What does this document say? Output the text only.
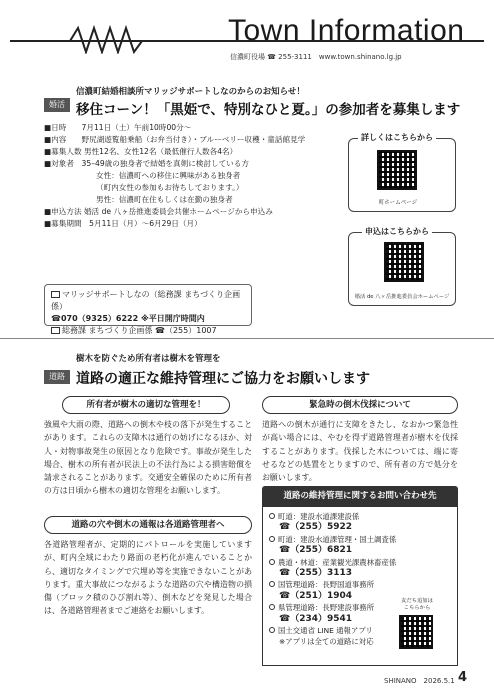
Town Information
信濃町役場 ☎ 255-3111　www.town.shinano.lg.jp
婚活
信濃町結婚相談所マリッジサポートしなのからのお知らせ！
移住コーン！「黒姫で、特別なひと夏。」の参加者を募集します
■日時　　7月11日（土）午前10時00分～
■内容　　野尻湖遊覧船乗船（お弁当付き）・ブルーベリー収穫・童話館見学
■募集人数 男性12名、女性12名（最低催行人数各4名）
■対象者　35–49歳の独身者で結婚を真剣に検討している方
女性：信濃町への移住に興味がある独身者
（町内女性の参加もお待ちしております。）
男性：信濃町在住もしくは在勤の独身者
■申込方法 婚活 de 八ヶ岳推進委員会共催ホームページから申込み
■募集期間　5月11日（月）～6月29日（月）
詳しくはこちらから
町ホームページ
申込はこちらから
婚活 de 八ヶ岳推進委員会ホームページ
マリッジサポートしなの（総務課 まちづくり企画係）
☎070（9325）6222 ※平日開庁時間内
総務課 まちづくり企画係 ☎（255）1007
道路
樹木を防ぐため所有者は樹木を管理を
道路の適正な維持管理にご協力をお願いします
所有者が樹木の適切な管理を！
強風や大雨の際、道路への倒木や枝の落下が発生することがあります。これらの支障木は通行の妨げになるほか、対人・対物事故発生の原因となり危険です。事故が発生した場合、樹木の所有者が民法上の不法行為による損害賠償を請求されることがあります。交通安全確保のために所有者の方は日頃から樹木の適切な管理をお願いします。
道路の穴や倒木の通報は各道路管理者へ
各道路管理者が、定期的にパトロールを実施していますが、町内全域にわたり路面の老朽化が進んでいることから、適切なタイミングで穴埋め等を実施できないことがあります。重大事故につながるような道路の穴や構造物の損傷（ブロック積のひび割れ等）、倒木などを発見した場合は、各道路管理者までご連絡をお願いします。
緊急時の倒木伐採について
道路への倒木が通行に支障をきたし、なおかつ緊急性が高い場合には、やむを得ず道路管理者が樹木を伐採することがあります。伐採した木については、端に寄せるなどの処置をとりますので、所有者の方で処分をお願いします。
道路の維持管理に関するお問い合わせ先
町道：建設水道課建設係
☎（255）5922
町道：建設水道課管理・国土調査係
☎（255）6821
農道・林道：産業観光課農林畜産係
☎（255）3113
国管理道路：長野国道事務所
☎（251）1904
県管理道路：長野建設事務所
☎（234）9541
国土交通省 LINE 通報アプリ
※アプリは全ての道路に対応
友だち追加は
こちらから
SHINANO　2026.5.1 4
